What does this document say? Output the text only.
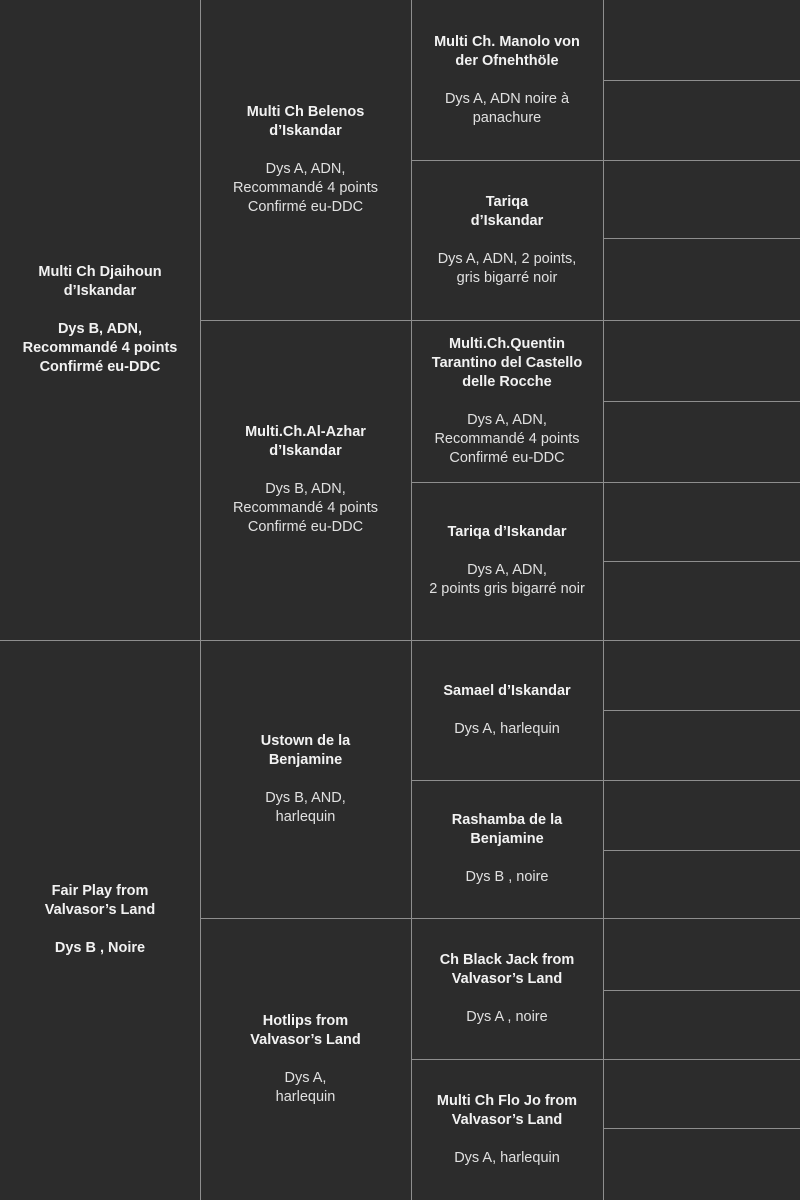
Multi Ch Djaihoun
d’Iskandar
Dys B, ADN,
Recommandé 4 points
Confirmé eu-DDC
Fair Play from
Valvasor’s Land
Dys B , Noire
Multi Ch Belenos
d’Iskandar
Dys A, ADN,
Recommandé 4 points
Confirmé eu-DDC
Multi.Ch.Al-Azhar
d’Iskandar
Dys B, ADN,
Recommandé 4 points
Confirmé eu-DDC
Ustown de la
Benjamine
Dys B, AND,
harlequin
Hotlips from
Valvasor’s Land
Dys A,
harlequin
Multi Ch. Manolo von
der Ofnehthöle
Dys A, ADN noire à
panachure
Tariqa
d’Iskandar
Dys A, ADN, 2 points,
gris bigarré noir
Multi.Ch.Quentin
Tarantino del Castello
delle Rocche
Dys A, ADN,
Recommandé 4 points
Confirmé eu-DDC
Tariqa d’Iskandar
Dys A, ADN,
2 points gris bigarré noir
Samael d’Iskandar
Dys A, harlequin
Rashamba de la
Benjamine
Dys B , noire
Ch Black Jack from
Valvasor’s Land
Dys A , noire
Multi Ch Flo Jo from
Valvasor’s Land
Dys A, harlequin
